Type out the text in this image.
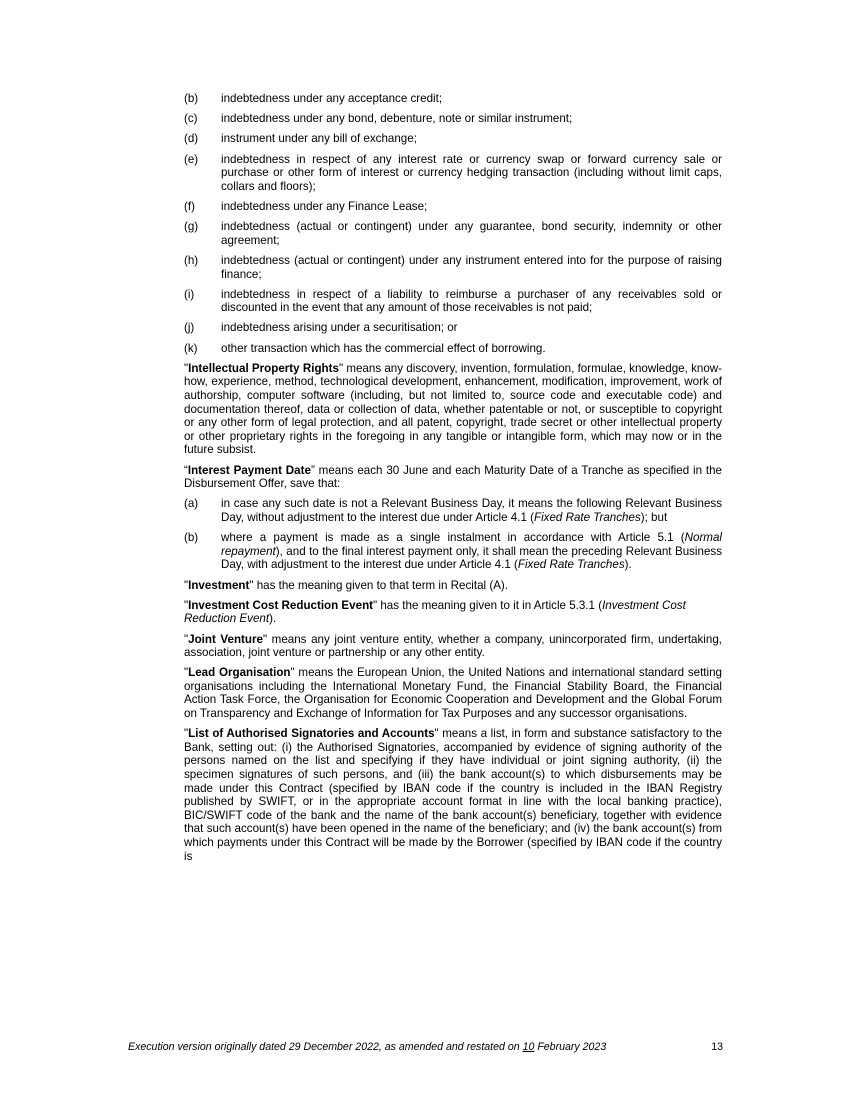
(b)	indebtedness under any acceptance credit;
(c)	indebtedness under any bond, debenture, note or similar instrument;
(d)	instrument under any bill of exchange;
(e)	indebtedness in respect of any interest rate or currency swap or forward currency sale or purchase or other form of interest or currency hedging transaction (including without limit caps, collars and floors);
(f)	indebtedness under any Finance Lease;
(g)	indebtedness (actual or contingent) under any guarantee, bond security, indemnity or other agreement;
(h)	indebtedness (actual or contingent) under any instrument entered into for the purpose of raising finance;
(i)	indebtedness in respect of a liability to reimburse a purchaser of any receivables sold or discounted in the event that any amount of those receivables is not paid;
(j)	indebtedness arising under a securitisation; or
(k)	other transaction which has the commercial effect of borrowing.
"Intellectual Property Rights" means any discovery, invention, formulation, formulae, knowledge, know-how, experience, method, technological development, enhancement, modification, improvement, work of authorship, computer software (including, but not limited to, source code and executable code) and documentation thereof, data or collection of data, whether patentable or not, or susceptible to copyright or any other form of legal protection, and all patent, copyright, trade secret or other intellectual property or other proprietary rights in the foregoing in any tangible or intangible form, which may now or in the future subsist.
“Interest Payment Date” means each 30 June and each Maturity Date of a Tranche as specified in the Disbursement Offer, save that:
(a)	in case any such date is not a Relevant Business Day, it means the following Relevant Business Day, without adjustment to the interest due under Article 4.1 (Fixed Rate Tranches); but
(b)	where a payment is made as a single instalment in accordance with Article 5.1 (Normal repayment), and to the final interest payment only, it shall mean the preceding Relevant Business Day, with adjustment to the interest due under Article 4.1 (Fixed Rate Tranches).
"Investment" has the meaning given to that term in Recital (A).
"Investment Cost Reduction Event" has the meaning given to it in Article 5.3.1 (Investment Cost Reduction Event).
"Joint Venture" means any joint venture entity, whether a company, unincorporated firm, undertaking, association, joint venture or partnership or any other entity.
"Lead Organisation" means the European Union, the United Nations and international standard setting organisations including the International Monetary Fund, the Financial Stability Board, the Financial Action Task Force, the Organisation for Economic Cooperation and Development and the Global Forum on Transparency and Exchange of Information for Tax Purposes and any successor organisations.
"List of Authorised Signatories and Accounts" means a list, in form and substance satisfactory to the Bank, setting out: (i) the Authorised Signatories, accompanied by evidence of signing authority of the persons named on the list and specifying if they have individual or joint signing authority, (ii) the specimen signatures of such persons, and (iii) the bank account(s) to which disbursements may be made under this Contract (specified by IBAN code if the country is included in the IBAN Registry published by SWIFT, or in the appropriate account format in line with the local banking practice), BIC/SWIFT code of the bank and the name of the bank account(s) beneficiary, together with evidence that such account(s) have been opened in the name of the beneficiary; and (iv) the bank account(s) from which payments under this Contract will be made by the Borrower (specified by IBAN code if the country is
Execution version originally dated 29 December 2022, as amended and restated on 10 February 2023	13
